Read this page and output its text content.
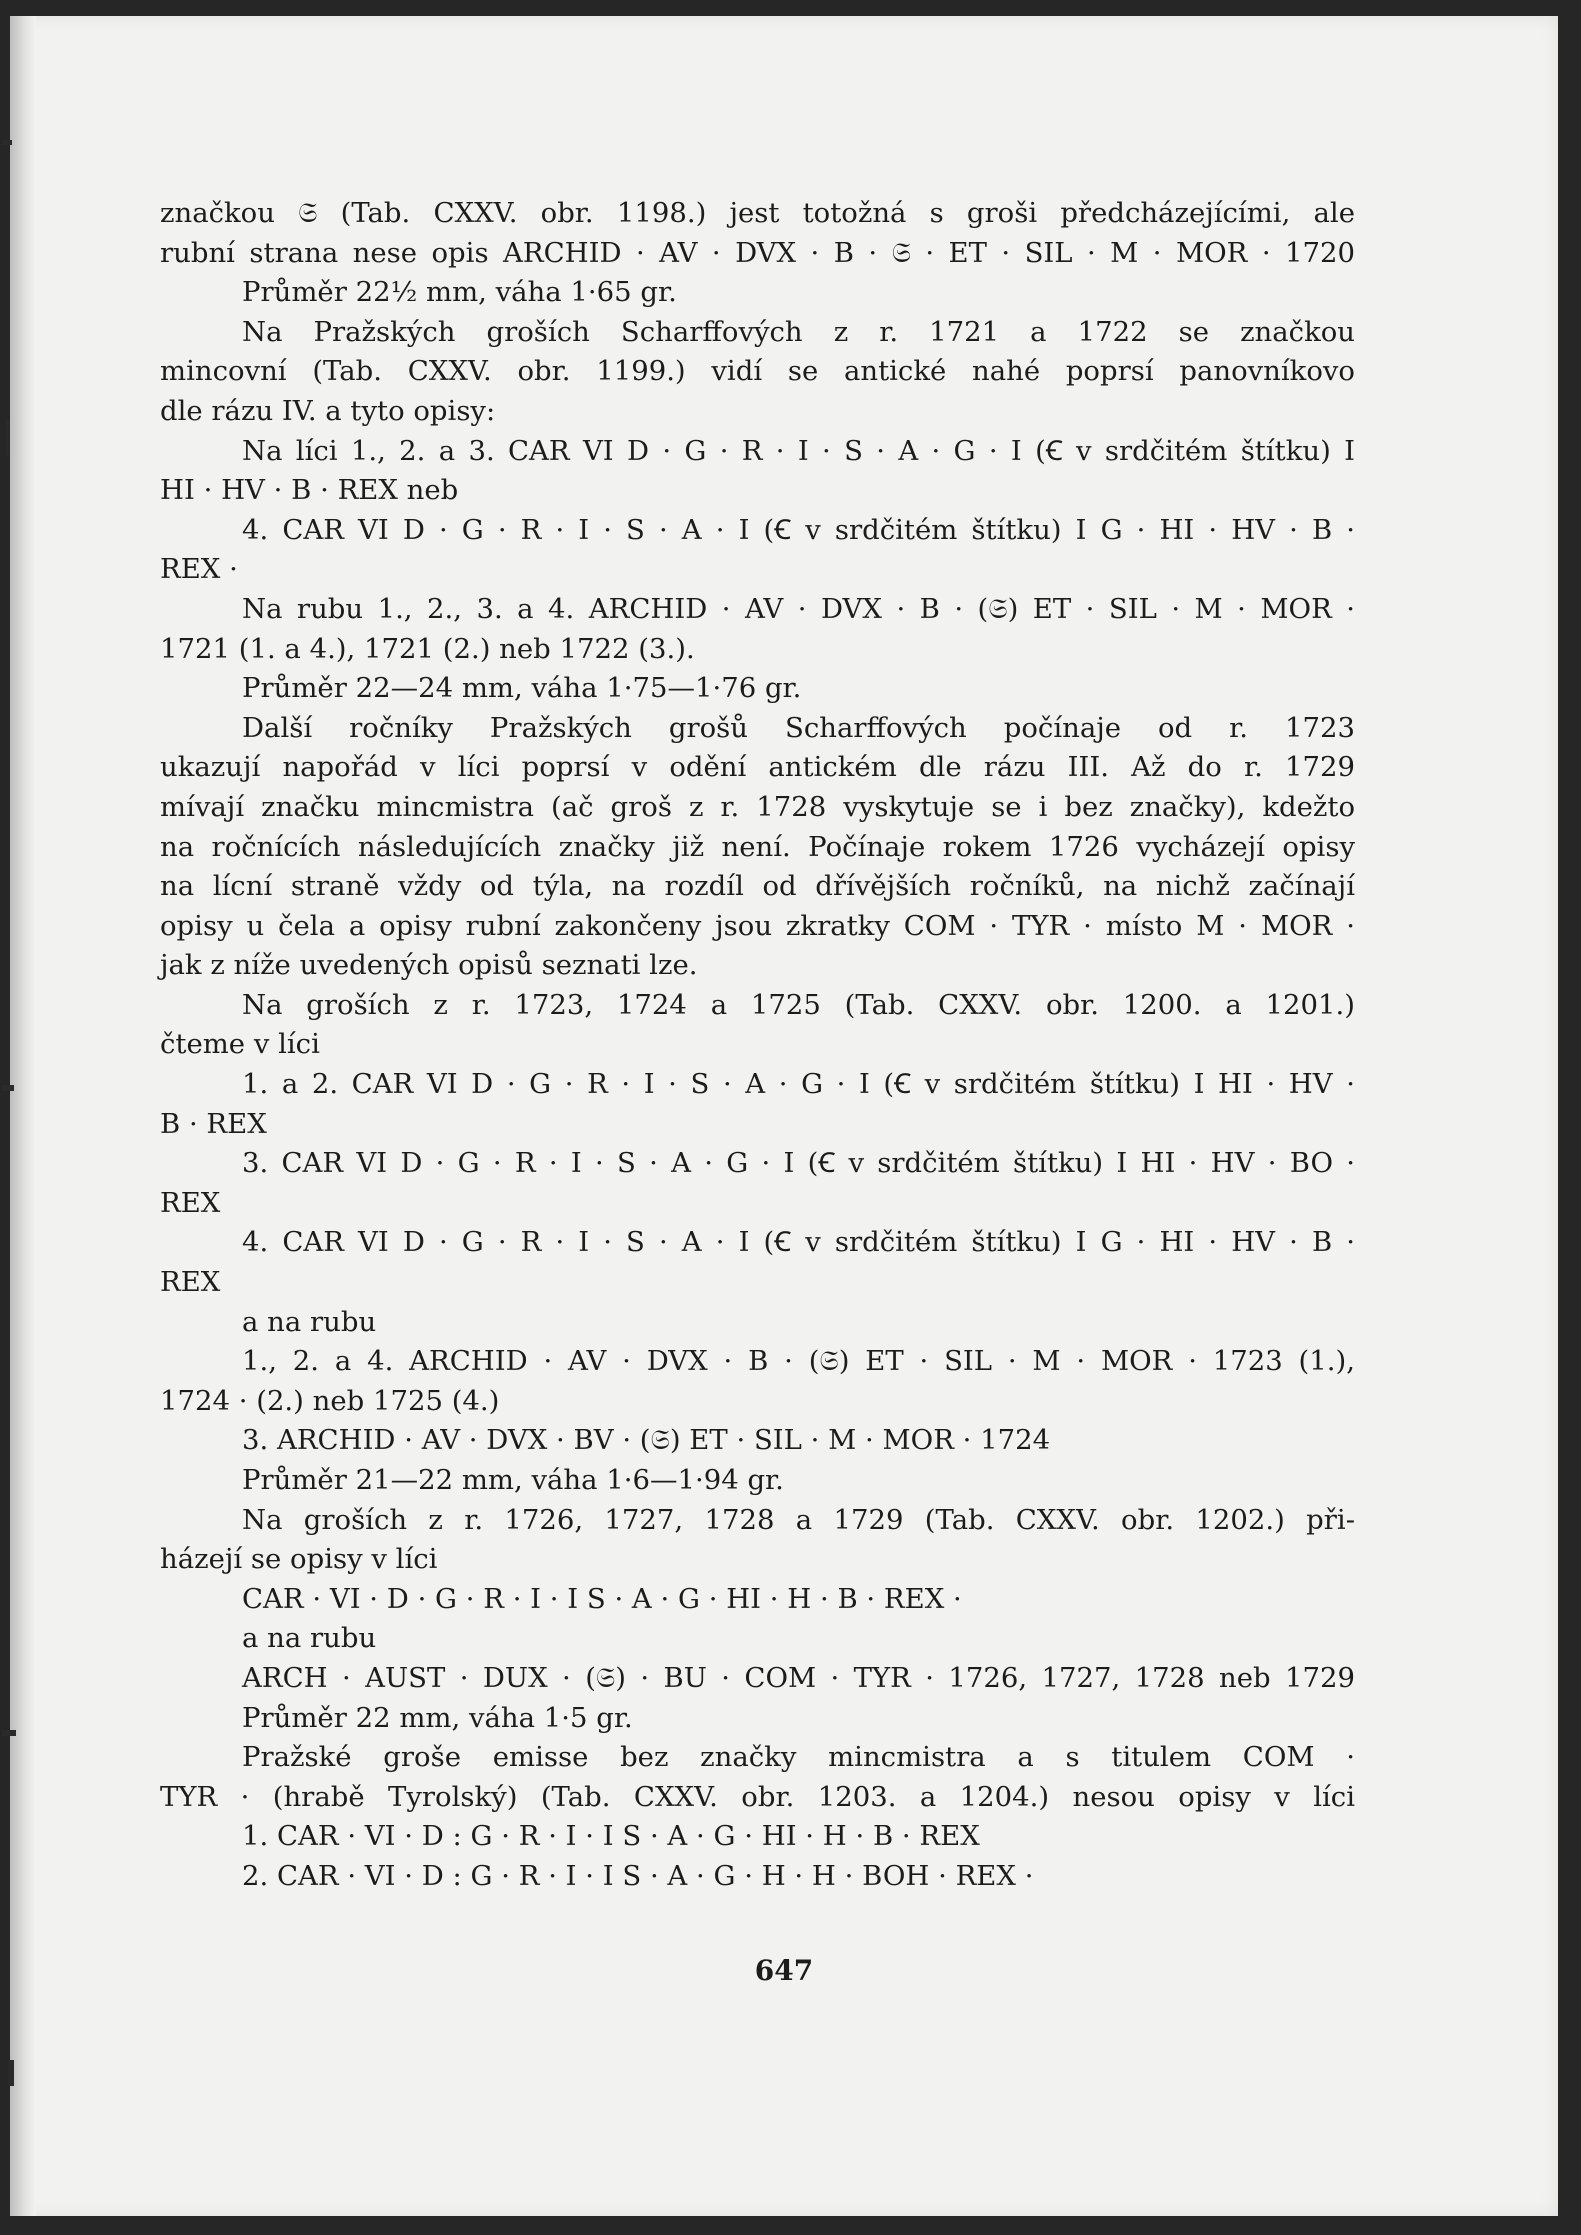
značkou 𝔖 (Tab. CXXV. obr. 1198.) jest totožná s groši předcházejícími, ale
rubní strana nese opis ARCHID · AV · DVX · B · 𝔖 · ET · SIL · M · MOR · 1720
Průměr 22½ mm, váha 1·65 gr.
Na Pražských groších Scharffových z r. 1721 a 1722 se značkou
mincovní (Tab. CXXV. obr. 1199.) vidí se antické nahé poprsí panovníkovo
dle rázu IV. a tyto opisy:
Na líci 1., 2. a 3. CAR VI D · G · R · I · S · A · G · I (Ꞓ v srdčitém štítku) I
HI · HV · B · REX neb
4. CAR VI D · G · R · I · S · A · I (Ꞓ v srdčitém štítku) I G · HI · HV · B ·
REX ·
Na rubu 1., 2., 3. a 4. ARCHID · AV · DVX · B · (𝔖) ET · SIL · M · MOR ·
1721 (1. a 4.), 1721 (2.) neb 1722 (3.).
Průměr 22—24 mm, váha 1·75—1·76 gr.
Další ročníky Pražských grošů Scharffových počínaje od r. 1723
ukazují napořád v líci poprsí v odění antickém dle rázu III. Až do r. 1729
mívají značku mincmistra (ač groš z r. 1728 vyskytuje se i bez značky), kdežto
na ročnících následujících značky již není. Počínaje rokem 1726 vycházejí opisy
na lícní straně vždy od týla, na rozdíl od dřívějších ročníků, na nichž začínají
opisy u čela a opisy rubní zakončeny jsou zkratky COM · TYR · místo M · MOR ·
jak z níže uvedených opisů seznati lze.
Na groších z r. 1723, 1724 a 1725 (Tab. CXXV. obr. 1200. a 1201.)
čteme v líci
1. a 2. CAR VI D · G · R · I · S · A · G · I (Ꞓ v srdčitém štítku) I HI · HV ·
B · REX
3. CAR VI D · G · R · I · S · A · G · I (Ꞓ v srdčitém štítku) I HI · HV · BO ·
REX
4. CAR VI D · G · R · I · S · A · I (Ꞓ v srdčitém štítku) I G · HI · HV · B ·
REX
a na rubu
1., 2. a 4. ARCHID · AV · DVX · B · (𝔖) ET · SIL · M · MOR · 1723 (1.),
1724 · (2.) neb 1725 (4.)
3. ARCHID · AV · DVX · BV · (𝔖) ET · SIL · M · MOR · 1724
Průměr 21—22 mm, váha 1·6—1·94 gr.
Na groších z r. 1726, 1727, 1728 a 1729 (Tab. CXXV. obr. 1202.) při-
házejí se opisy v líci
CAR · VI · D · G · R · I · I S · A · G · HI · H · B · REX ·
a na rubu
ARCH · AUST · DUX · (𝔖) · BU · COM · TYR · 1726, 1727, 1728 neb 1729
Průměr 22 mm, váha 1·5 gr.
Pražské groše emisse bez značky mincmistra a s titulem COM ·
TYR · (hrabě Tyrolský) (Tab. CXXV. obr. 1203. a 1204.) nesou opisy v líci
1. CAR · VI · D : G · R · I · I S · A · G · HI · H · B · REX
2. CAR · VI · D : G · R · I · I S · A · G · H · H · BOH · REX ·
647
